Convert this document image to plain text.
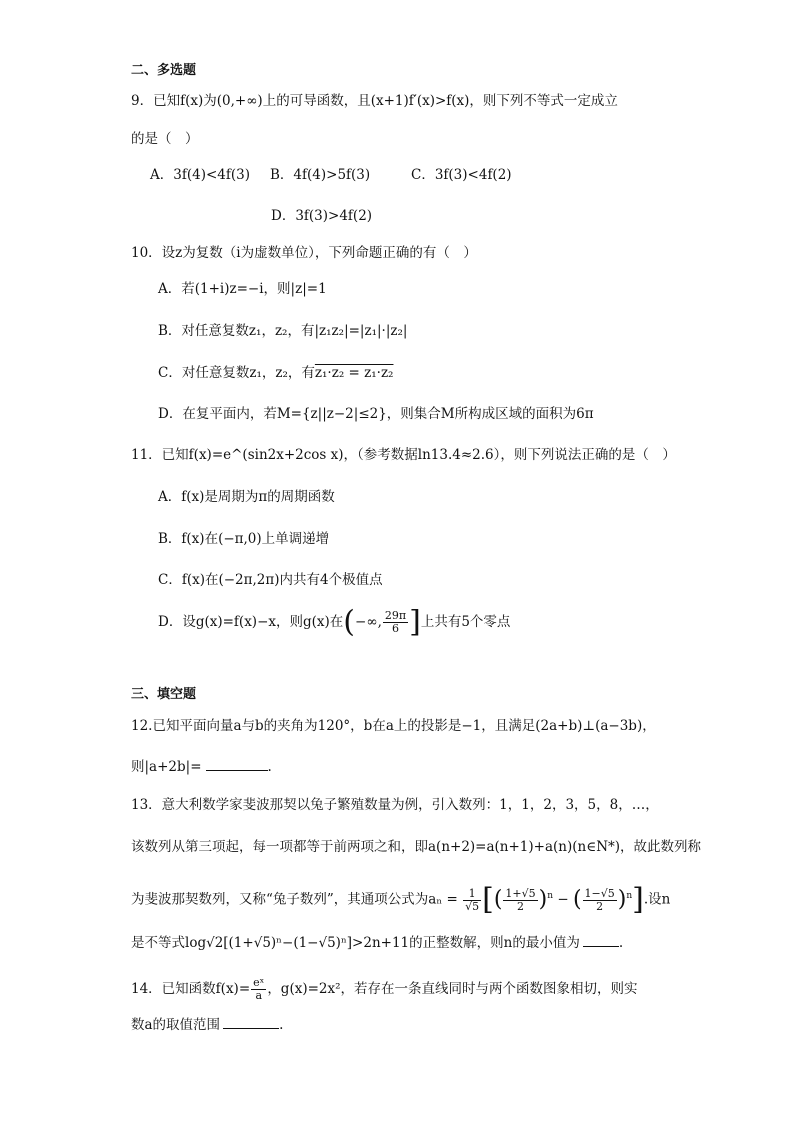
二、多选题
9．已知f(x)为(0,+∞)上的可导函数，且(x+1)f′(x)>f(x)，则下列不等式一定成立
的是（　）
A．3f(4)<4f(3) B．4f(4)>5f(3)	C．3f(3)<4f(2)
D．3f(3)>4f(2)
10．设z为复数（i为虚数单位），下列命题正确的有（　）
A．若(1+i)z=−i，则|z|=1
B．对任意复数z₁，z₂，有|z₁z₂|=|z₁|·|z₂|
C．对任意复数z₁，z₂，有z₁·z₂ = z₁·z₂
D．在复平面内，若M={z||z−2|≤2}，则集合M所构成区域的面积为6π
11．已知f(x)=e^(sin2x+2cos x)，（参考数据ln13.4≈2.6），则下列说法正确的是（　）
A．f(x)是周期为π的周期函数
B．f(x)在(−π,0)上单调递增
C．f(x)在(−2π,2π)内共有4个极值点
D．设g(x)=f(x)−x，则g(x)在(−∞, $\frac{29\pi}{6}$ ]上共有5个零点
三、填空题
12.已知平面向量a与b的夹角为120°，b在a上的投影是−1，且满足(2a+b)⊥(a−3b)，
则|a+2b|=	.
13．意大利数学家斐波那契以兔子繁殖数量为例，引入数列：1，1，2，3，5，8，…，
该数列从第三项起，每一项都等于前两项之和，即a(n+2)=a(n+1)+a(n)(n∈N*)，故此数列称
为斐波那契数列，又称“兔子数列”，其通项公式为$a_n = \frac{1}{√5}$ [( $\frac{1+√5}{2} )^n$ − ( $\frac{1-√5}{2} )^n$].设n
是不等式log√2[(1+√5)ⁿ−(1−√5)ⁿ]>2n+11的正整数解，则n的最小值为	.
14．已知函数$f(x)= \frac{\text{eˣ}}{a}$ ，g(x)=2x²，若存在一条直线同时与两个函数图象相切，则实
数a的取值范围	.
